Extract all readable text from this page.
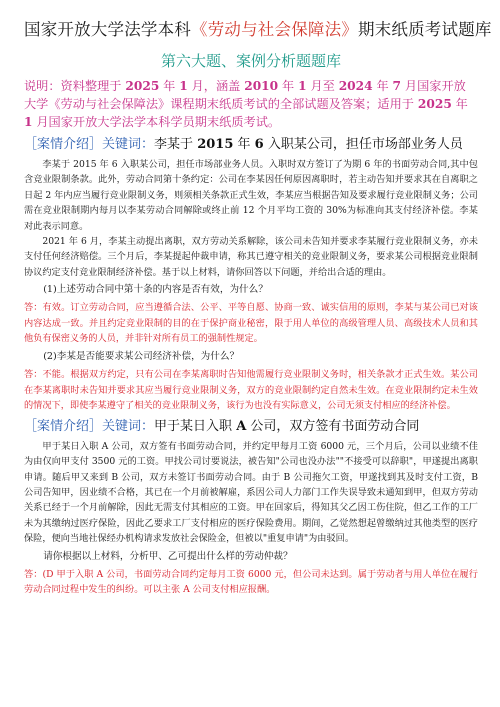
国家开放大学法学本科《劳动与社会保障法》期末纸质考试题库
第六大题、案例分析题题库
说明：资料整理于 2025 年 1 月，涵盖 2010 年 1 月至 2024 年 7 月国家开放大学《劳动与社会保障法》课程期末纸质考试的全部试题及答案；适用于 2025 年 1 月国家开放大学法学本科学员期末纸质考试。
［案情介绍］关键词：李某于 2015 年 6 入职某公司，担任市场部业务人员

李某于 2015 年 6 入职某公司，担任市场部业务人员。入职时双方签订了为期 6 年的书面劳动合同,其中包含竞业限制条款。此外，劳动合同第十条约定：公司在李某因任何原因离职时，若主动告知并要求其在自离职之日起 2 年内应当履行竞业限制义务，则须相关条款正式生效，李某应当根据告知及要求履行竞业限制义务；公司需在竞业限制期内每月以李某劳动合同解除或终止前 12 个月平均工资的 30%为标准向其支付经济补偿。李某对此表示同意。

2021 年 6 月，李某主动提出离职，双方劳动关系解除，该公司未告知并要求李某履行竞业限制义务，亦未支付任何经济赔偿。三个月后，李某提起仲裁申请，称其已遵守相关的竞业限制义务，要求某公司根据竞业限制协议约定支付竞业限制经济补偿。基于以上材料，请你回答以下问题，并给出合适的理由。

(1)上述劳动合同中第十条的内容是否有效，为什么？

答：有效。订立劳动合同，应当遵循合法、公平、平等自愿、协商一致、诚实信用的原则，李某与某公司已对该内容达成一致。并且约定竞业限制的目的在于保护商业秘密，限于用人单位的高级管理人员、高级技术人员和其他负有保密义务的人员，并非针对所有员工的强制性规定。

(2)李某是否能要求某公司经济补偿，为什么？

答：不能。根据双方约定，只有公司在李某离职时告知他需履行竞业限制义务时，相关条款才正式生效。某公司在李某离职时未告知并要求其应当履行竞业限制义务，双方的竞业限制约定自然未生效。在竞业限制约定未生效的情况下，即使李某遵守了相关的竞业限制义务，该行为也没有实际意义，公司无须支付相应的经济补偿。

［案情介绍］关键词：甲于某日入职 A 公司，双方签有书面劳动合同

甲于某日入职 A 公司，双方签有书面劳动合同，并约定甲每月工资 6000 元，三个月后，公司以业绩不佳为由仅向甲支付 3500 元的工资。甲找公司讨要说法，被告知"公司也没办法""不接受可以辞职"，甲遂提出离职申请。随后甲又来到 B 公司，双方未签订书面劳动合同。由于 B 公司拖欠工资，甲遂找到其及时支付工资，B 公司告知甲，因业绩不合格，其已在一个月前被解雇，系因公司人力部门工作失误导致未通知到甲，但双方劳动关系已经于一个月前解除，因此无需支付其相应的工资。甲在回家后，得知其父乙因工伤住院，但乙工作的工厂未为其缴纳过医疗保险，因此乙要求工厂支付相应的医疗保险费用。期间，乙觉然想起曾缴纳过其他类型的医疗保险，便向当地社保经办机构请求发放社会保险金，但被以"重复申请"为由驳回。

请你根据以上材料，分析甲、乙可提出什么样的劳动仲裁？

答：(D 甲于入职 A 公司，书面劳动合同约定每月工资 6000 元，但公司未达到。属于劳动者与用人单位在履行劳动合同过程中发生的纠纷。可以主张 A 公司支付相应报酬。
